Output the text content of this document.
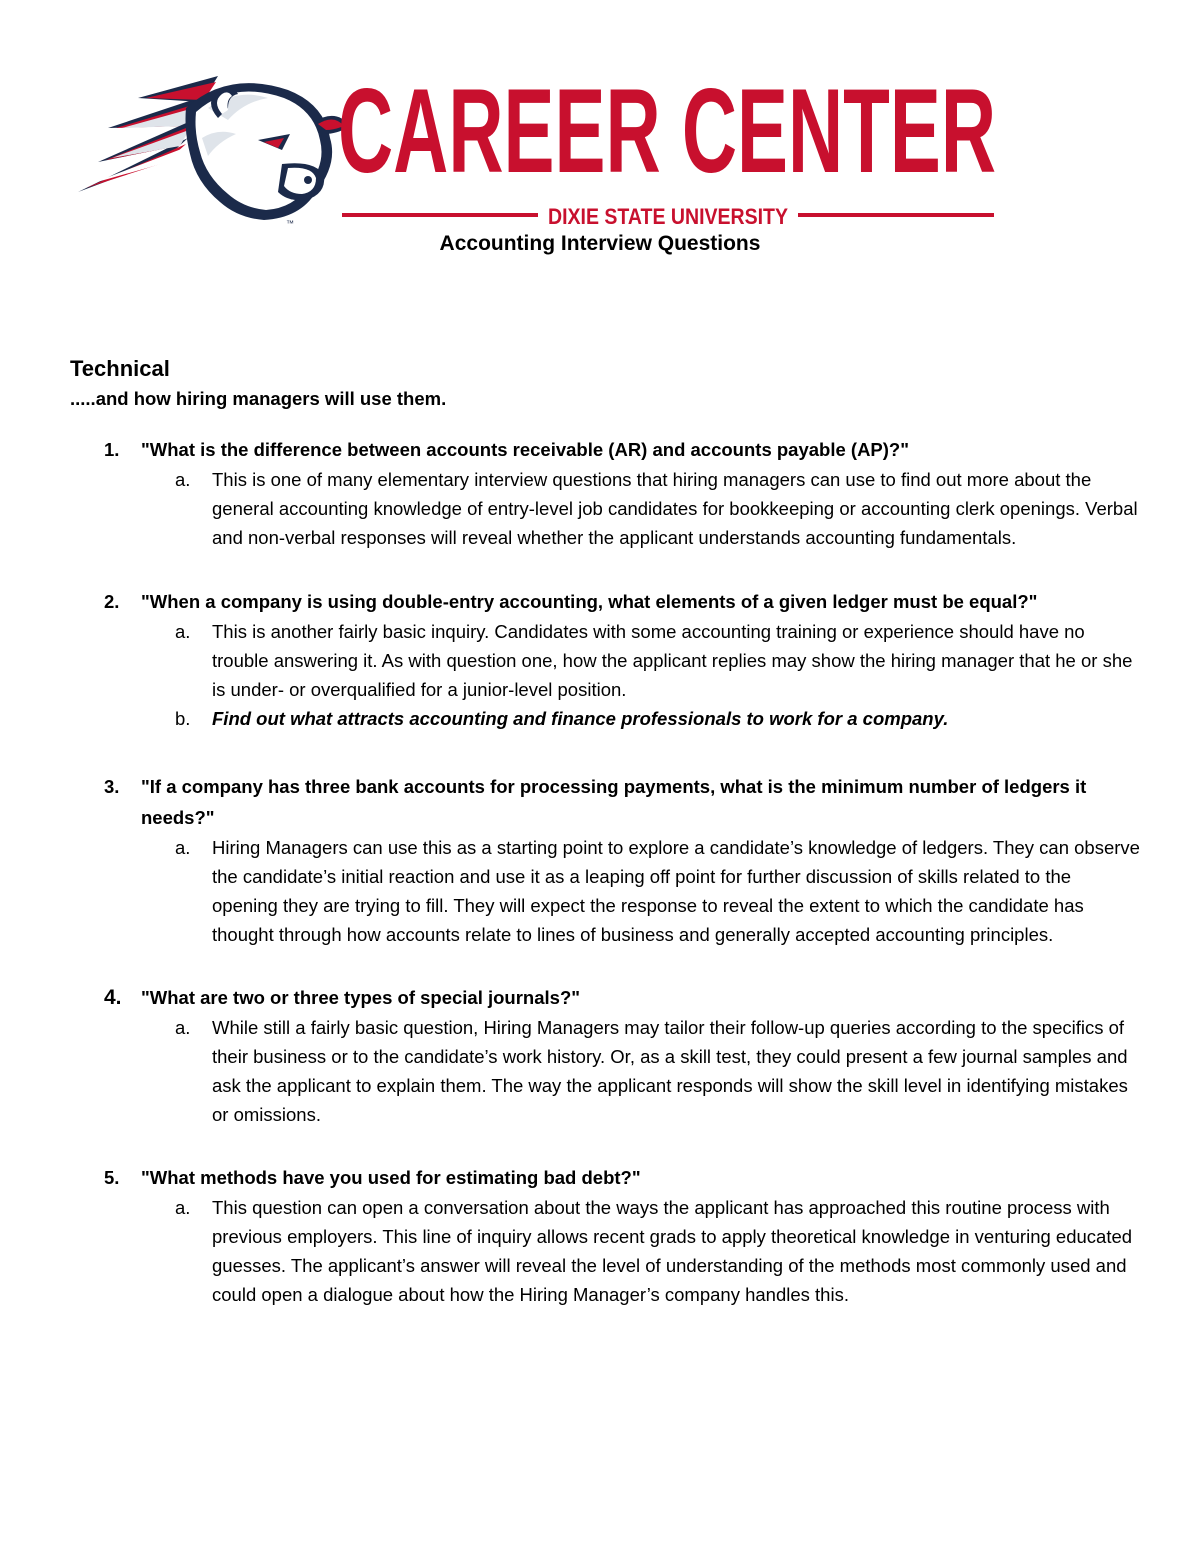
™
CAREER CENTER
DIXIE STATE UNIVERSITY
Accounting Interview Questions

Technical

.....and how hiring managers will use them.

1. "What is the difference between accounts receivable (AR) and accounts payable (AP)?"
a. This is one of many elementary interview questions that hiring managers can use to find out more about the general accounting knowledge of entry-level job candidates for bookkeeping or accounting clerk openings. Verbal and non-verbal responses will reveal whether the applicant understands accounting fundamentals.
2. "When a company is using double-entry accounting, what elements of a given ledger must be equal?"
a. This is another fairly basic inquiry. Candidates with some accounting training or experience should have no trouble answering it. As with question one, how the applicant replies may show the hiring manager that he or she is under- or overqualified for a junior-level position.
b. Find out what attracts accounting and finance professionals to work for a company.
3. "If a company has three bank accounts for processing payments, what is the minimum number of ledgers it needs?"
a. Hiring Managers can use this as a starting point to explore a candidate’s knowledge of ledgers. They can observe the candidate’s initial reaction and use it as a leaping off point for further discussion of skills related to the opening they are trying to fill. They will expect the response to reveal the extent to which the candidate has thought through how accounts relate to lines of business and generally accepted accounting principles.
4. "What are two or three types of special journals?"
a. While still a fairly basic question, Hiring Managers may tailor their follow-up queries according to the specifics of their business or to the candidate’s work history. Or, as a skill test, they could present a few journal samples and ask the applicant to explain them. The way the applicant responds will show the skill level in identifying mistakes or omissions.
5. "What methods have you used for estimating bad debt?"
a. This question can open a conversation about the ways the applicant has approached this routine process with previous employers. This line of inquiry allows recent grads to apply theoretical knowledge in venturing educated guesses. The applicant’s answer will reveal the level of understanding of the methods most commonly used and could open a dialogue about how the Hiring Manager’s company handles this.
